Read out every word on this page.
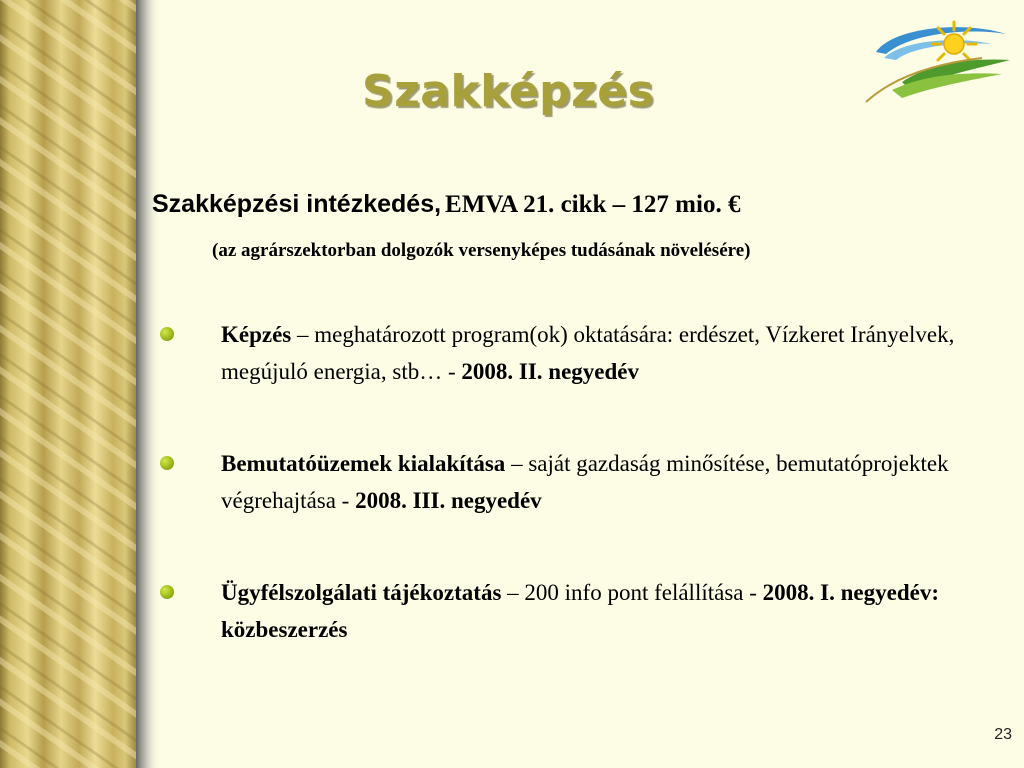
Szakképzés
Szakképzési intézkedés, EMVA 21. cikk – 127 mio. €
(az agrárszektorban dolgozók versenyképes tudásának növelésére)
Képzés – meghatározott program(ok) oktatására: erdészet, Vízkeret Irányelvek, megújuló energia, stb… - 2008. II. negyedév
Bemutatóüzemek kialakítása – saját gazdaság minősítése, bemutatóprojektek végrehajtása - 2008. III. negyedév
Ügyfélszolgálati tájékoztatás – 200 info pont felállítása - 2008. I. negyedév: közbeszerzés
23
